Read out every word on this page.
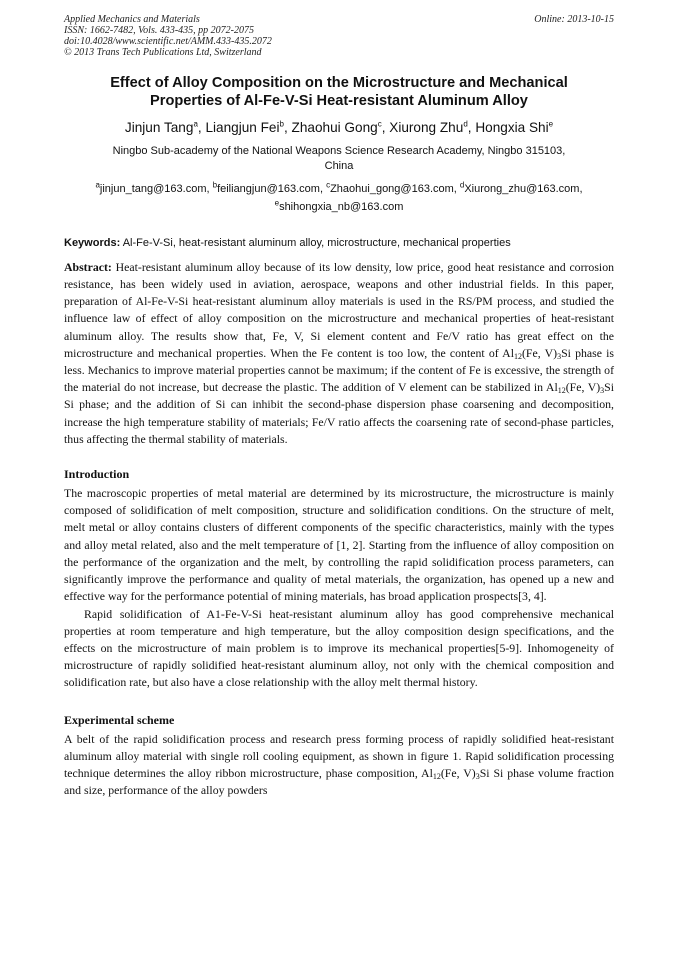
Applied Mechanics and Materials
ISSN: 1662-7482, Vols. 433-435, pp 2072-2075
doi:10.4028/www.scientific.net/AMM.433-435.2072
© 2013 Trans Tech Publications Ltd, Switzerland
Online: 2013-10-15
Effect of Alloy Composition on the Microstructure and Mechanical
Properties of Al-Fe-V-Si Heat-resistant Aluminum Alloy
Jinjun Tang$^a$, Liangjun Fei$^b$, Zhaohui Gong$^c$, Xiurong Zhu$^d$, Hongxia Shi$^e$
Ningbo Sub-academy of the National Weapons Science Research Academy, Ningbo 315103,
China
$^a$jinjun_tang@163.com, $^b$feiliangjun@163.com, $^c$Zhaohui_gong@163.com, $^d$Xiurong_zhu@163.com,
$^e$shihongxia_nb@163.com
Keywords: Al-Fe-V-Si, heat-resistant aluminum alloy, microstructure, mechanical properties
Abstract: Heat-resistant aluminum alloy because of its low density, low price, good heat resistance and corrosion resistance, has been widely used in aviation, aerospace, weapons and other industrial fields. In this paper, preparation of Al-Fe-V-Si heat-resistant aluminum alloy materials is used in the RS/PM process, and studied the influence law of effect of alloy composition on the microstructure and mechanical properties of heat-resistant aluminum alloy. The results show that, Fe, V, Si element content and Fe/V ratio has great effect on the microstructure and mechanical properties. When the Fe content is too low, the content of $Al_{12}(Fe$, $V)_3Si$ phase is less. Mechanics to improve material properties cannot be maximum; if the content of Fe is excessive, the strength of the material do not increase, but decrease the plastic. The addition of V element can be stabilized in $Al_{12}(Fe$, $V)_3Si$ Si phase; and the addition of Si can inhibit the second-phase dispersion phase coarsening and decomposition, increase the high temperature stability of materials; Fe/V ratio affects the coarsening rate of second-phase particles, thus affecting the thermal stability of materials.
Introduction
The macroscopic properties of metal material are determined by its microstructure, the microstructure is mainly composed of solidification of melt composition, structure and solidification conditions. On the structure of melt, melt metal or alloy contains clusters of different components of the specific characteristics, mainly with the types and alloy metal related, also and the melt temperature of [1, 2]. Starting from the influence of alloy composition on the performance of the organization and the melt, by controlling the rapid solidification process parameters, can significantly improve the performance and quality of metal materials, the organization, has opened up a new and effective way for the performance potential of mining materials, has broad application prospects[3, 4].
Rapid solidification of A1-Fe-V-Si heat-resistant aluminum alloy has good comprehensive mechanical properties at room temperature and high temperature, but the alloy composition design specifications, and the effects on the microstructure of main problem is to improve its mechanical properties[5-9]. Inhomogeneity of microstructure of rapidly solidified heat-resistant aluminum alloy, not only with the chemical composition and solidification rate, but also have a close relationship with the alloy melt thermal history.
Experimental scheme
A belt of the rapid solidification process and research press forming process of rapidly solidified heat-resistant aluminum alloy material with single roll cooling equipment, as shown in figure 1. Rapid solidification processing technique determines the alloy ribbon microstructure, phase composition, $Al_{12}(Fe$, $V)_3Si$ Si phase volume fraction and size, performance of the alloy powders
